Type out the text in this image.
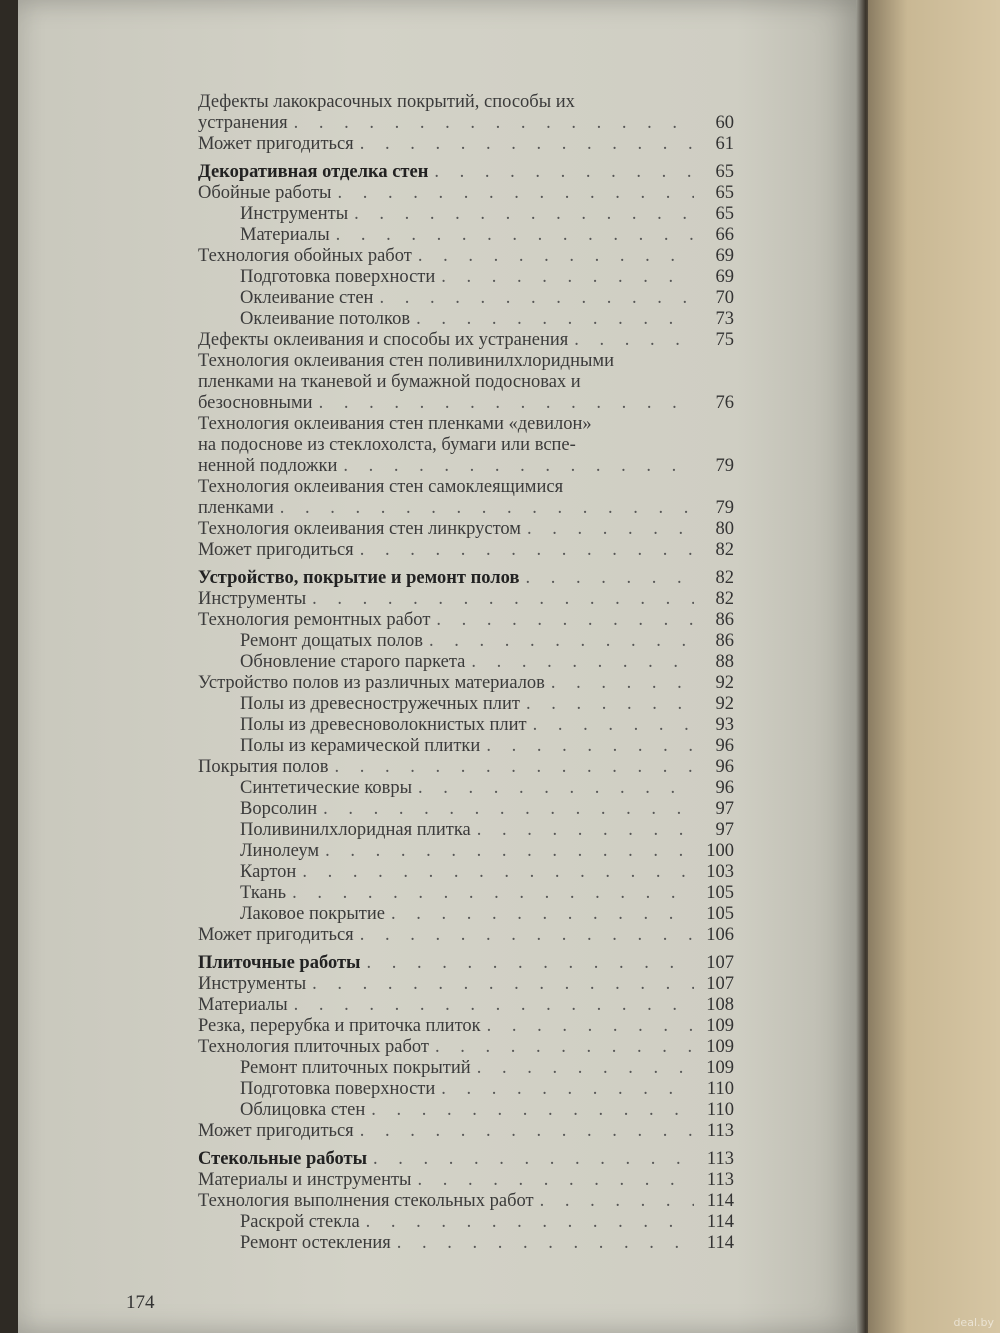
Дефекты лакокрасочных покрытий, способы их
устранения . . .	60
Может пригодиться . . .	61
Декоративная отделка стен . . .	65
Обойные работы . . .	65
Инструменты . . .	65
Материалы . . .	66
Технология обойных работ . . .	69
Подготовка поверхности . . .	69
Оклеивание стен . . .	70
Оклеивание потолков . . .	73
Дефекты оклеивания и способы их устранения . . .	75
Технология оклеивания стен поливинилхлоридными
пленками на тканевой и бумажной подосновах и
безосновными . . .	76
Технология оклеивания стен пленками «девилон»
на подоснове из стеклохолста, бумаги или вспе-
ненной подложки . . .	79
Технология оклеивания стен самоклеящимися
пленками . . .	79
Технология оклеивания стен линкрустом . . .	80
Может пригодиться . . .	82
Устройство, покрытие и ремонт полов . . .	82
Инструменты . . .	82
Технология ремонтных работ . . .	86
Ремонт дощатых полов . . .	86
Обновление старого паркета . . .	88
Устройство полов из различных материалов . . .	92
Полы из древесностружечных плит . . .	92
Полы из древесноволокнистых плит . . .	93
Полы из керамической плитки . . .	96
Покрытия полов . . .	96
Синтетические ковры . . .	96
Ворсолин . . .	97
Поливинилхлоридная плитка . . .	97
Линолеум . . .	100
Картон . . .	103
Ткань . . .	105
Лаковое покрытие . . .	105
Может пригодиться . . .	106
Плиточные работы . . .	107
Инструменты . . .	107
Материалы . . .	108
Резка, перерубка и приточка плиток . . .	109
Технология плиточных работ . . .	109
Ремонт плиточных покрытий . . .	109
Подготовка поверхности . . .	110
Облицовка стен . . .	110
Может пригодиться . . .	113
Стекольные работы . . .	113
Материалы и инструменты . . .	113
Технология выполнения стекольных работ . . .	114
Раскрой стекла . . .	114
Ремонт остекления . . .	114
174
deal.by
